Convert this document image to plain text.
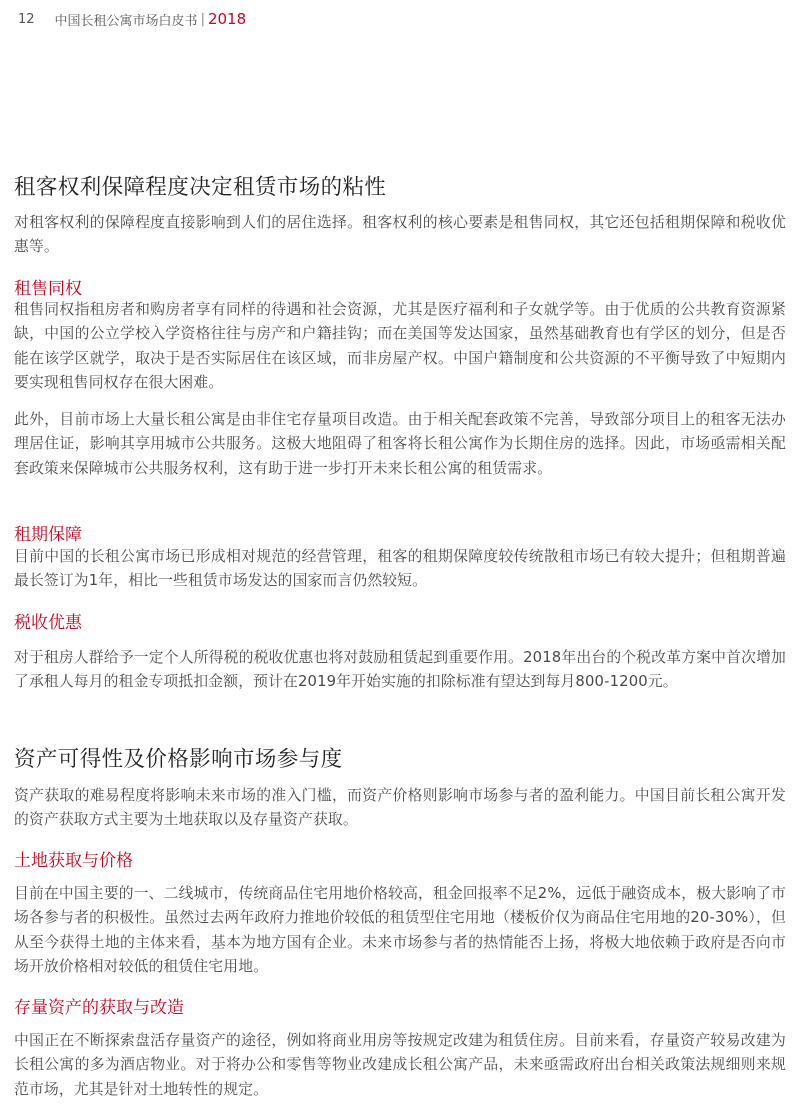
12 中国长租公寓市场白皮书 | 2018
租客权利保障程度决定租赁市场的粘性
对租客权利的保障程度直接影响到人们的居住选择。租客权利的核心要素是租售同权，其它还包括租期保障和税收优惠等。
租售同权
租售同权指租房者和购房者享有同样的待遇和社会资源，尤其是医疗福利和子女就学等。由于优质的公共教育资源紧缺，中国的公立学校入学资格往往与房产和户籍挂钩；而在美国等发达国家，虽然基础教育也有学区的划分，但是否能在该学区就学，取决于是否实际居住在该区域，而非房屋产权。中国户籍制度和公共资源的不平衡导致了中短期内要实现租售同权存在很大困难。
此外，目前市场上大量长租公寓是由非住宅存量项目改造。由于相关配套政策不完善，导致部分项目上的租客无法办理居住证，影响其享用城市公共服务。这极大地阻碍了租客将长租公寓作为长期住房的选择。因此，市场亟需相关配套政策来保障城市公共服务权利，这有助于进一步打开未来长租公寓的租赁需求。
租期保障
目前中国的长租公寓市场已形成相对规范的经营管理，租客的租期保障度较传统散租市场已有较大提升；但租期普遍最长签订为1年，相比一些租赁市场发达的国家而言仍然较短。
税收优惠
对于租房人群给予一定个人所得税的税收优惠也将对鼓励租赁起到重要作用。2018年出台的个税改革方案中首次增加了承租人每月的租金专项抵扣金额，预计在2019年开始实施的扣除标准有望达到每月800-1200元。
资产可得性及价格影响市场参与度
资产获取的难易程度将影响未来市场的准入门槛，而资产价格则影响市场参与者的盈利能力。中国目前长租公寓开发的资产获取方式主要为土地获取以及存量资产获取。
土地获取与价格
目前在中国主要的一、二线城市，传统商品住宅用地价格较高，租金回报率不足2%，远低于融资成本，极大影响了市场各参与者的积极性。虽然过去两年政府力推地价较低的租赁型住宅用地（楼板价仅为商品住宅用地的20-30%），但从至今获得土地的主体来看，基本为地方国有企业。未来市场参与者的热情能否上扬，将极大地依赖于政府是否向市场开放价格相对较低的租赁住宅用地。
存量资产的获取与改造
中国正在不断探索盘活存量资产的途径，例如将商业用房等按规定改建为租赁住房。目前来看，存量资产较易改建为长租公寓的多为酒店物业。对于将办公和零售等物业改建成长租公寓产品，未来亟需政府出台相关政策法规细则来规范市场，尤其是针对土地转性的规定。
